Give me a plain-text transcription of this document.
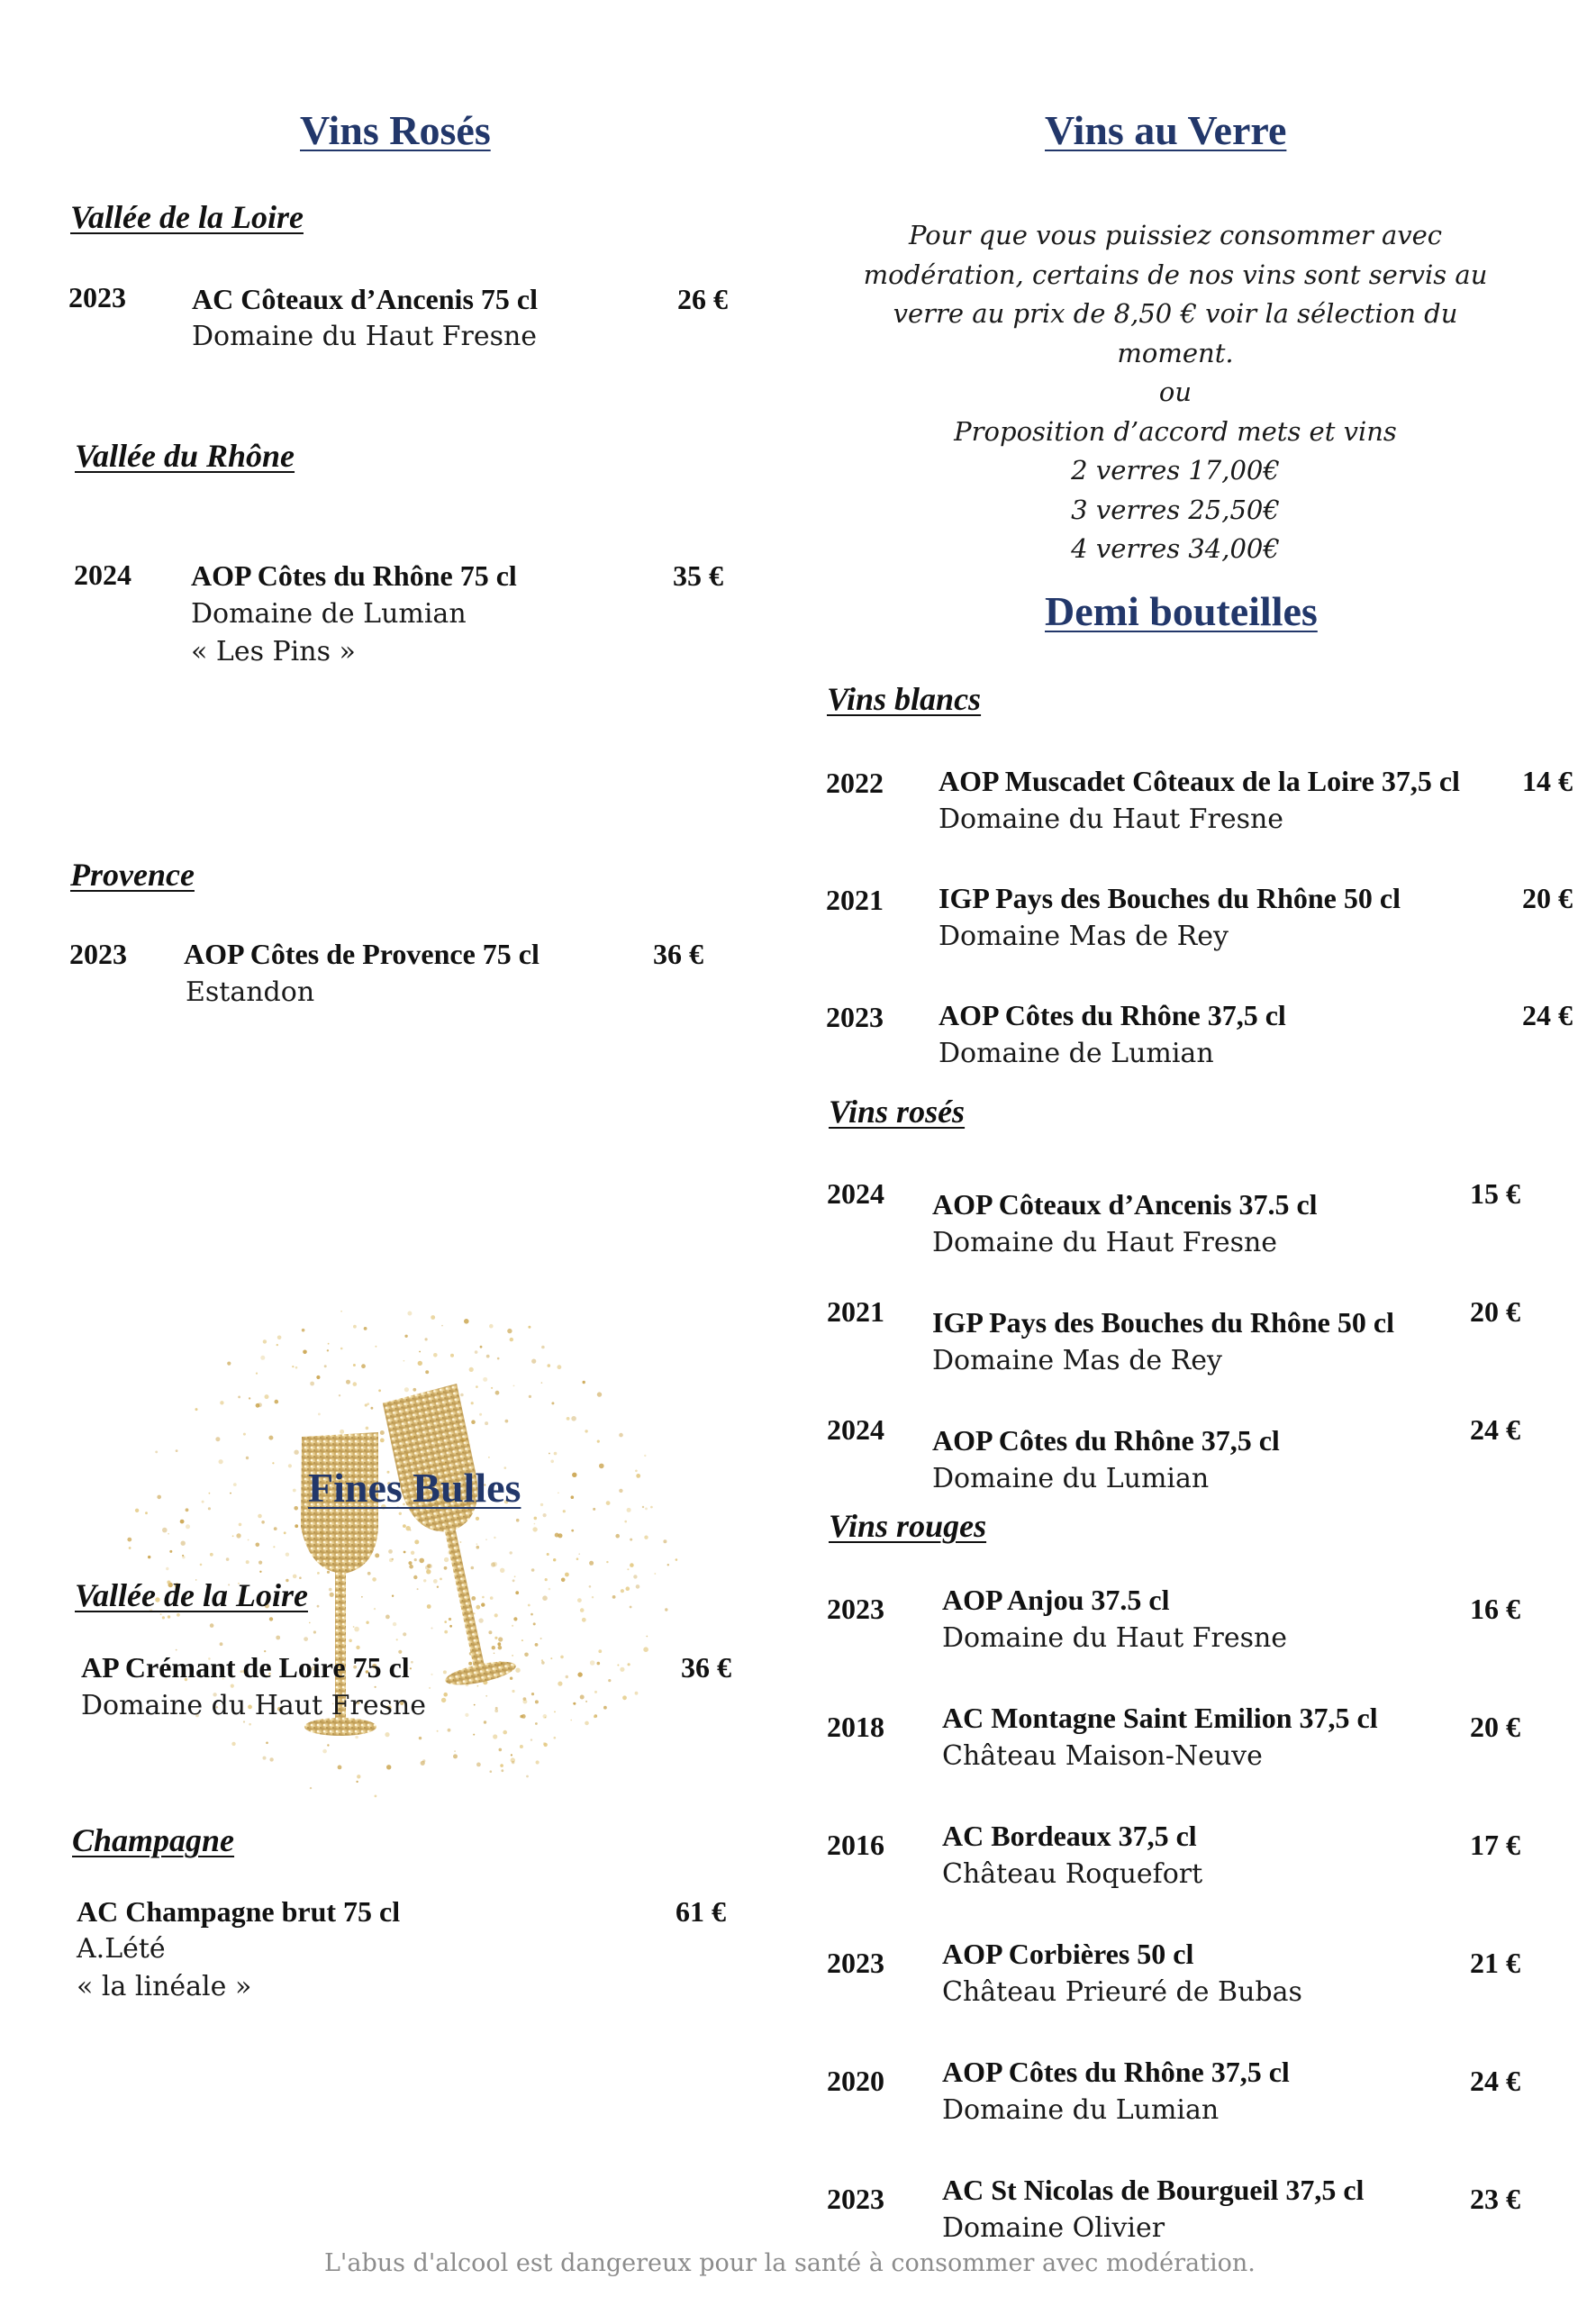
Vins Rosés
Vallée de la Loire
2023 AC Côteaux d’Ancenis 75 cl	26 €
Domaine du Haut Fresne
Vallée du Rhône
2024 AOP Côtes du Rhône 75 cl	35 €
Domaine de Lumian
« Les Pins »
Provence
2023 AOP Côtes de Provence 75 cl	36 €
Estandon
Fines Bulles
Vallée de la Loire
AP Crémant de Loire 75 cl	36 €
Domaine du Haut Fresne
Champagne
AC Champagne brut 75 cl	61 €
A.Lété
« la linéale »
Vins au Verre
Pour que vous puissiez consommer avec
modération, certains de nos vins sont servis au
verre au prix de 8,50 € voir la sélection du
moment.
ou
Proposition d’accord mets et vins
2 verres 17,00€
3 verres 25,50€
4 verres 34,00€
Demi bouteilles
Vins blancs
2022 AOP Muscadet Côteaux de la Loire 37,5 cl 14 €
Domaine du Haut Fresne
2021 IGP Pays des Bouches du Rhône 50 cl	20 €
Domaine Mas de Rey
2023 AOP Côtes du Rhône 37,5 cl	24 €
Domaine de Lumian
Vins rosés
2024 AOP Côteaux d’Ancenis 37.5 cl	15 €
Domaine du Haut Fresne
2021 IGP Pays des Bouches du Rhône 50 cl	20 €
Domaine Mas de Rey
2024 AOP Côtes du Rhône 37,5 cl	24 €
Domaine du Lumian
Vins rouges
2023 AOP Anjou 37.5 cl	16 €
Domaine du Haut Fresne
2018 AC Montagne Saint Emilion 37,5 cl	20 €
Château Maison-Neuve
2016 AC Bordeaux 37,5 cl	17 €
Château Roquefort
2023 AOP Corbières 50 cl	21 €
Château Prieuré de Bubas
2020 AOP Côtes du Rhône 37,5 cl	24 €
Domaine du Lumian
2023 AC St Nicolas de Bourgueil 37,5 cl	23 €
Domaine Olivier
L'abus d'alcool est dangereux pour la santé à consommer avec modération.
